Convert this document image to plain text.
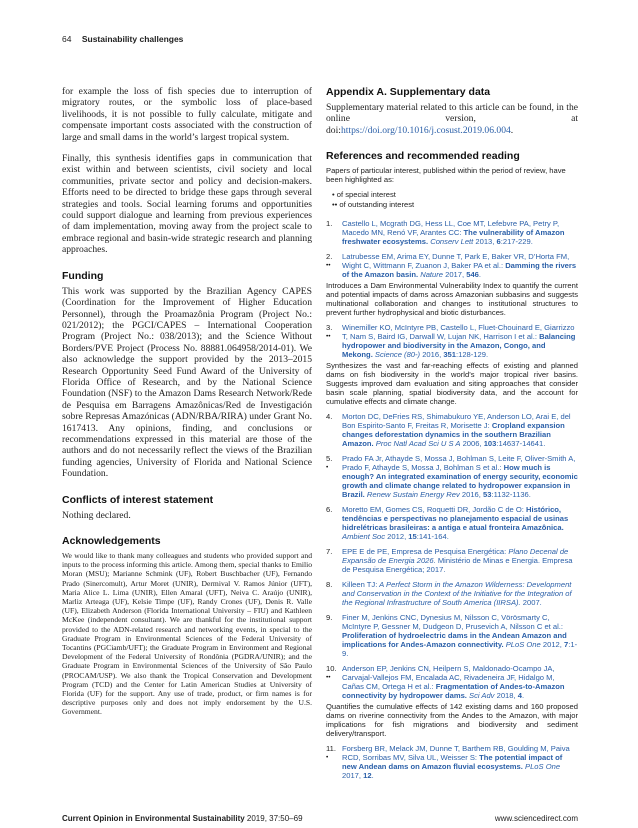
64 Sustainability challenges

for example the loss of fish species due to interruption of migratory routes, or the symbolic loss of place-based livelihoods, it is not possible to fully calculate, mitigate and compensate important costs associated with the construction of large and small dams in the world’s largest tropical system.

Finally, this synthesis identifies gaps in communication that exist within and between scientists, civil society and local communities, private sector and policy and decision-makers. Efforts need to be directed to bridge these gaps through several strategies and tools. Social learning forums and opportunities could support dialogue and learning from previous experiences of dam implementation, moving away from the project scale to embrace regional and basin-wide strategic research and planning approaches.

Funding

This work was supported by the Brazilian Agency CAPES (Coordination for the Improvement of Higher Education Personnel), through the Proamazônia Program (Project No.: 021/2012); the PGCI/CAPES – International Cooperation Program (Project No.: 038/2013); and the Science Without Borders/PVE Project (Process No. 88881.064958/2014-01). We also acknowledge the support provided by the 2013–2015 Research Opportunity Seed Fund Award of the University of Florida Office of Research, and by the National Science Foundation (NSF) to the Amazon Dams Research Network/Rede de Pesquisa em Barragens Amazônicas/Red de Investigación sobre Represas Amazónicas (ADN/RBA/RIRA) under Grant No. 1617413. Any opinions, finding, and conclusions or recommendations expressed in this material are those of the authors and do not necessarily reflect the views of the Brazilian funding agencies, University of Florida and National Science Foundation.

Conflicts of interest statement

Nothing declared.

Acknowledgements

We would like to thank many colleagues and students who provided support and inputs to the process informing this article. Among them, special thanks to Emilio Moran (MSU); Marianne Schmink (UF), Robert Buschbacher (UF), Fernando Prado (Sinercomult), Artur Moret (UNIR), Dermival V. Ramos Júnior (UFT), Maria Alice L. Lima (UNIR), Ellen Amaral (UFT), Neiva C. Araújo (UNIR), Marliz Arteaga (UF), Kelsie Timpe (UF), Randy Crones (UF), Denis R. Valle (UF), Elizabeth Anderson (Florida International University – FIU) and Kathleen McKee (independent consultant). We are thankful for the institutional support provided to the ADN-related research and networking events, in special to the Graduate Program in Environmental Sciences of the Federal University of Tocantins (PGCiamb/UFT); the Graduate Program in Environment and Regional Development of the Federal University of Rondônia (PGDRA/UNIR); and the Graduate Program in Environmental Sciences of the University of São Paulo (PROCAM/USP). We also thank the Tropical Conservation and Development Program (TCD) and the Center for Latin American Studies at University of Florida (UF) for the support. Any use of trade, product, or firm names is for descriptive purposes only and does not imply endorsement by the U.S. Government.

Appendix A. Supplementary data

Supplementary material related to this article can be found, in the online version, at doi:https://doi.org/10.1016/j.cosust.2019.06.004.

References and recommended reading

Papers of particular interest, published within the period of review, have been highlighted as:

• of special interest
•• of outstanding interest
1.	Castello L, Mcgrath DG, Hess LL, Coe MT, Lefebvre PA, Petry P, Macedo MN, Renó VF, Arantes CC: The vulnerability of Amazon freshwater ecosystems. Conserv Lett 2013, 6:217-229.
2.
••
Latrubesse EM, Arima EY, Dunne T, Park E, Baker VR, D’Horta FM, Wight C, Wittmann F, Zuanon J, Baker PA et al.: Damming the rivers of the Amazon basin. Nature 2017, 546.

Introduces a Dam Environmental Vulnerability Index to quantify the current and potential impacts of dams across Amazonian subbasins and suggests multinational collaboration and changes to institutional structures to prevent further hydrophysical and biotic disturbances.

3.
••
Winemiller KO, McIntyre PB, Castello L, Fluet-Chouinard E, Giarrizzo T, Nam S, Baird IG, Darwall W, Lujan NK, Harrison I et al.: Balancing hydropower and biodiversity in the Amazon, Congo, and Mekong. Science (80-) 2016, 351:128-129.

Synthesizes the vast and far-reaching effects of existing and planned dams on fish biodiversity in the world’s major tropical river basins. Suggests improved dam evaluation and siting approaches that consider basin scale planning, spatial biodiversity data, and the account for cumulative effects and climate change.

4.	Morton DC, DeFries RS, Shimabukuro YE, Anderson LO, Arai E, del Bon Espirito-Santo F, Freitas R, Morisette J: Cropland expansion changes deforestation dynamics in the southern Brazilian Amazon. Proc Natl Acad Sci U S A 2006, 103:14637-14641.
5.
•
Prado FA Jr, Athayde S, Mossa J, Bohlman S, Leite F, Oliver-Smith A, Prado F, Athayde S, Mossa J, Bohlman S et al.: How much is enough? An integrated examination of energy security, economic growth and climate change related to hydropower expansion in Brazil. Renew Sustain Energy Rev 2016, 53:1132-1136.
6.	Moretto EM, Gomes CS, Roquetti DR, Jordão C de O: Histórico, tendências e perspectivas no planejamento espacial de usinas hidrelétricas brasileiras: a antiga e atual fronteira Amazônica. Ambient Soc 2012, 15:141-164.
7.	EPE E de PE, Empresa de Pesquisa Energética: Plano Decenal de Expansão de Energia 2026. Ministério de Minas e Energia. Empresa de Pesquisa Energética; 2017.
8.	Killeen TJ: A Perfect Storm in the Amazon Wilderness: Development and Conservation in the Context of the Initiative for the Integration of the Regional Infrastructure of South America (IIRSA). 2007.
9.	Finer M, Jenkins CNC, Dynesius M, Nilsson C, Vörösmarty C, McIntyre P, Gessner M, Dudgeon D, Prusevich A, Nilsson C et al.: Proliferation of hydroelectric dams in the Andean Amazon and implications for Andes-Amazon connectivity. PLoS One 2012, 7:1-9.
10.
••
Anderson EP, Jenkins CN, Heilpern S, Maldonado-Ocampo JA, Carvajal-Vallejos FM, Encalada AC, Rivadeneira JF, Hidalgo M, Cañas CM, Ortega H et al.: Fragmentation of Andes-to-Amazon connectivity by hydropower dams. Sci Adv 2018, 4.

Quantifies the cumulative effects of 142 existing dams and 160 proposed dams on riverine connectivity from the Andes to the Amazon, with major implications for fish migrations and biodiversity and sediment delivery/transport.

11.
•
Forsberg BR, Melack JM, Dunne T, Barthem RB, Goulding M, Paiva RCD, Sorribas MV, Silva UL, Weisser S: The potential impact of new Andean dams on Amazon fluvial ecosystems. PLoS One 2017, 12.
Current Opinion in Environmental Sustainability 2019, 37:50–69	www.sciencedirect.com
